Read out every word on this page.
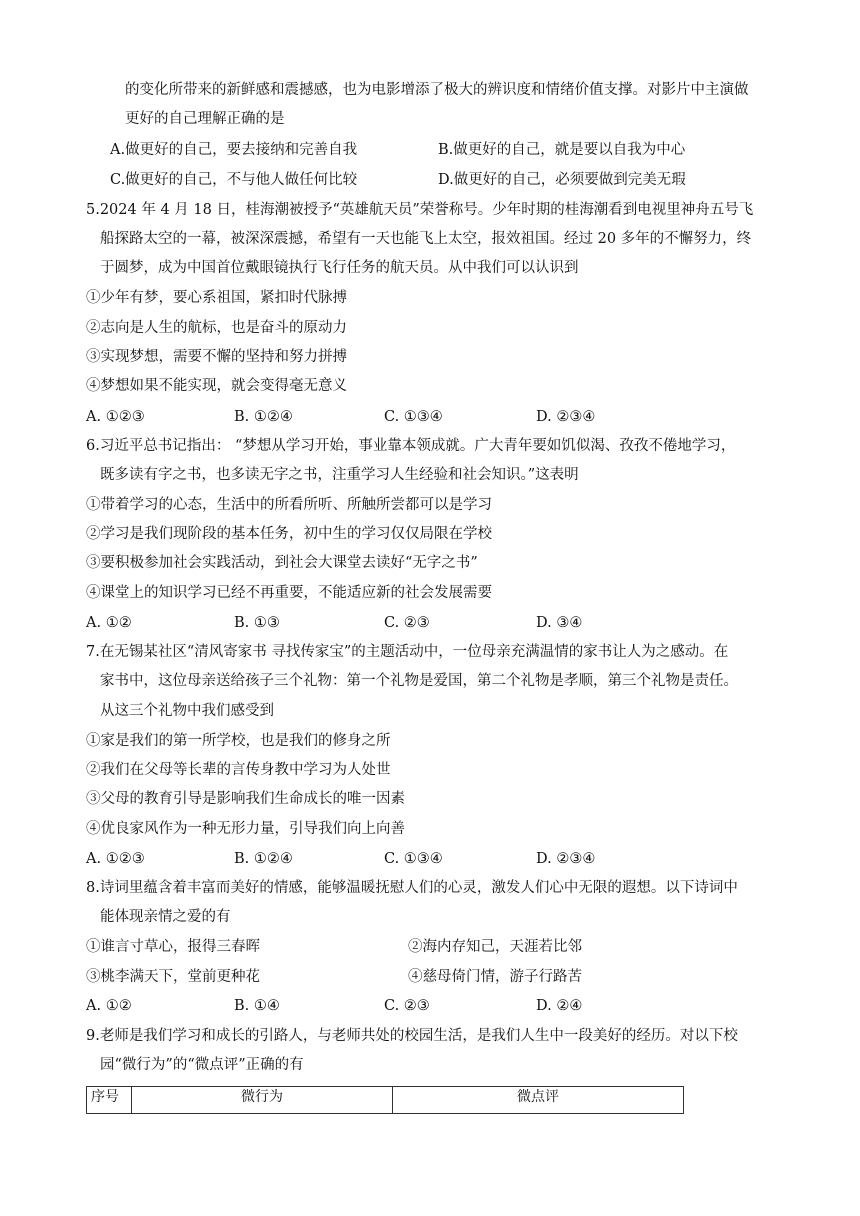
的变化所带来的新鲜感和震撼感，也为电影增添了极大的辨识度和情绪价值支撑。对影片中主演做
更好的自己理解正确的是
A.做更好的自己，要去接纳和完善自我	B.做更好的自己，就是要以自我为中心
C.做更好的自己，不与他人做任何比较	D.做更好的自己，必须要做到完美无瑕
5.2024 年 4 月 18 日，桂海潮被授予“英雄航天员”荣誉称号。少年时期的桂海潮看到电视里神舟五号飞
船探路太空的一幕，被深深震撼，希望有一天也能飞上太空，报效祖国。经过 20 多年的不懈努力，终
于圆梦，成为中国首位戴眼镜执行飞行任务的航天员。从中我们可以认识到
①少年有梦，要心系祖国，紧扣时代脉搏
②志向是人生的航标，也是奋斗的原动力
③实现梦想，需要不懈的坚持和努力拼搏
④梦想如果不能实现，就会变得毫无意义
A. ①②③	B. ①②④	C. ①③④	D. ②③④
6.习近平总书记指出： “梦想从学习开始，事业靠本领成就。广大青年要如饥似渴、孜孜不倦地学习，
既多读有字之书，也多读无字之书，注重学习人生经验和社会知识。”这表明
①带着学习的心态，生活中的所看所听、所触所尝都可以是学习
②学习是我们现阶段的基本任务，初中生的学习仅仅局限在学校
③要积极参加社会实践活动，到社会大课堂去读好“无字之书”
④课堂上的知识学习已经不再重要，不能适应新的社会发展需要
A. ①②	B. ①③	C. ②③	D. ③④
7.在无锡某社区“清风寄家书 寻找传家宝”的主题活动中，一位母亲充满温情的家书让人为之感动。在
家书中，这位母亲送给孩子三个礼物：第一个礼物是爱国，第二个礼物是孝顺，第三个礼物是责任。
从这三个礼物中我们感受到
①家是我们的第一所学校，也是我们的修身之所
②我们在父母等长辈的言传身教中学习为人处世
③父母的教育引导是影响我们生命成长的唯一因素
④优良家风作为一种无形力量，引导我们向上向善
A. ①②③	B. ①②④	C. ①③④	D. ②③④
8.诗词里蕴含着丰富而美好的情感，能够温暖抚慰人们的心灵，激发人们心中无限的遐想。以下诗词中
能体现亲情之爱的有
①谁言寸草心，报得三春晖	②海内存知己，天涯若比邻
③桃李满天下，堂前更种花	④慈母倚门情，游子行路苦
A. ①②	B. ①④	C. ②③	D. ②④
9.老师是我们学习和成长的引路人，与老师共处的校园生活，是我们人生中一段美好的经历。对以下校
园“微行为”的“微点评”正确的有
序号	微行为	微点评
